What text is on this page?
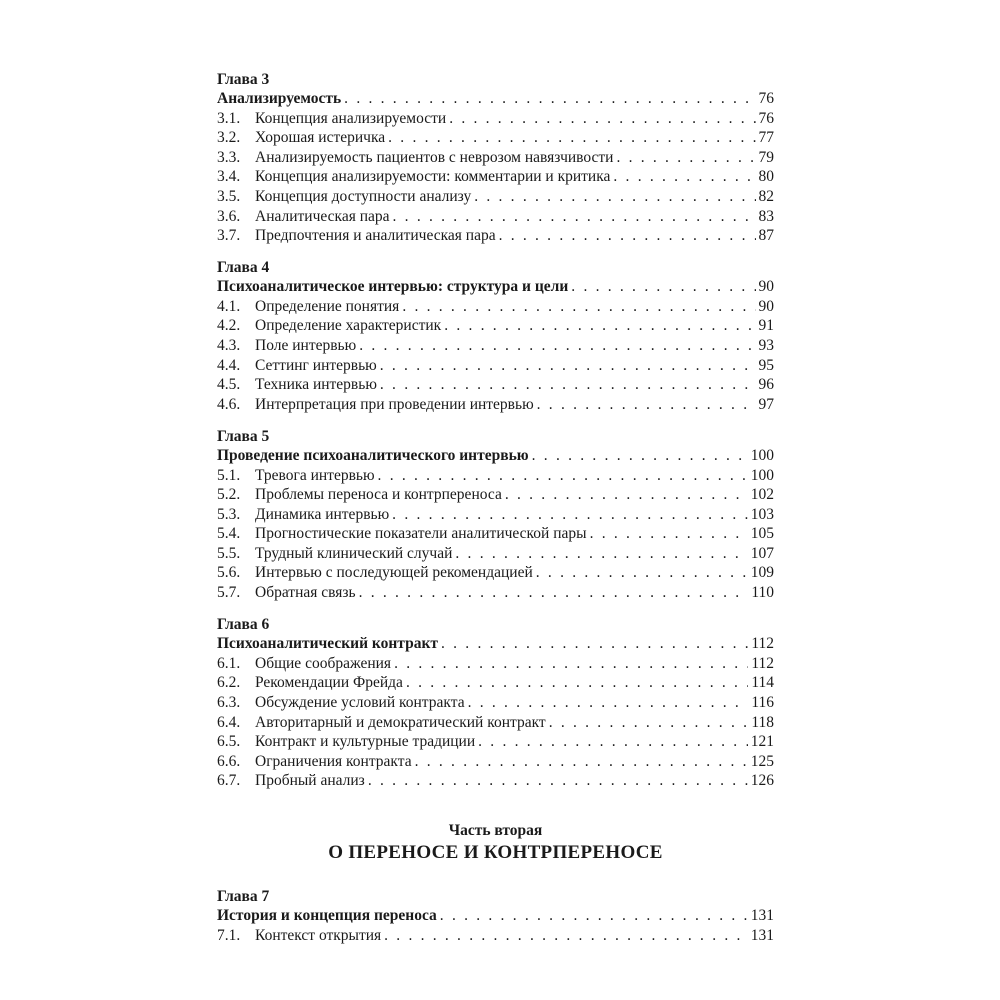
Глава 3
Анализируемость . . .	76
3.1. Концепция анализируемости . . .	76
3.2. Хорошая истеричка . . .	77
3.3. Анализируемость пациентов с неврозом навязчивости . . .	79
3.4. Концепция анализируемости: комментарии и критика . . .	80
3.5. Концепция доступности анализу . . .	82
3.6. Аналитическая пара . . .	83
3.7. Предпочтения и аналитическая пара . . .	87
Глава 4
Психоаналитическое интервью: структура и цели . . .	90
4.1. Определение понятия . . .	90
4.2. Определение характеристик . . .	91
4.3. Поле интервью . . .	93
4.4. Сеттинг интервью . . .	95
4.5. Техника интервью . . .	96
4.6. Интерпретация при проведении интервью . . .	97
Глава 5
Проведение психоаналитического интервью . . .	100
5.1. Тревога интервью . . .	100
5.2. Проблемы переноса и контрпереноса . . .	102
5.3. Динамика интервью . . .	103
5.4. Прогностические показатели аналитической пары . . .	105
5.5. Трудный клинический случай . . .	107
5.6. Интервью с последующей рекомендацией . . .	109
5.7. Обратная связь . . .	110
Глава 6
Психоаналитический контракт . . .	112
6.1. Общие соображения . . .	112
6.2. Рекомендации Фрейда . . .	114
6.3. Обсуждение условий контракта . . .	116
6.4. Авторитарный и демократический контракт . . .	118
6.5. Контракт и культурные традиции . . .	121
6.6. Ограничения контракта . . .	125
6.7. Пробный анализ . . .	126
Часть вторая
О ПЕРЕНОСЕ И КОНТРПЕРЕНОСЕ
Глава 7
История и концепция переноса . . .	131
7.1. Контекст открытия . . .	131
